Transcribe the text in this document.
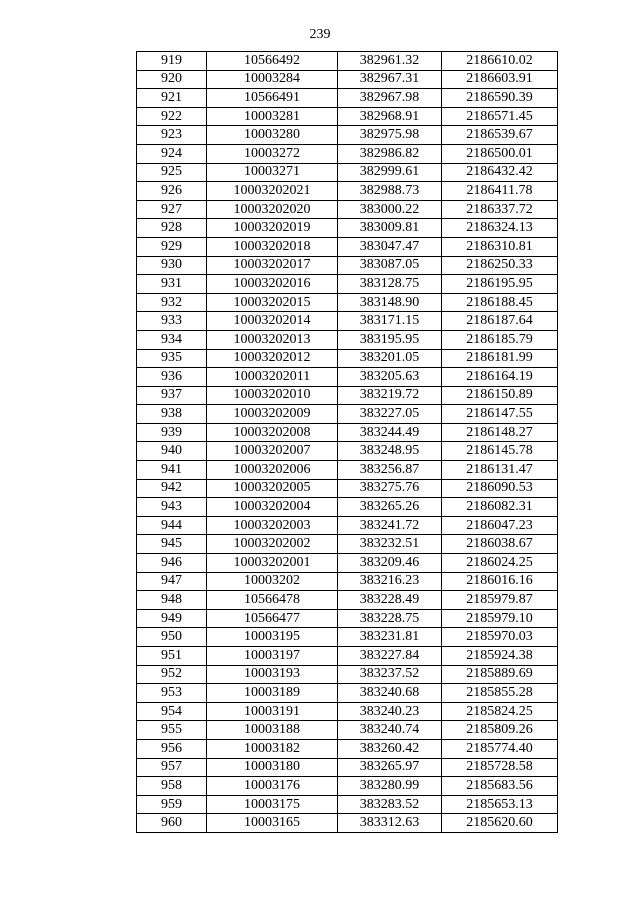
239
919	10566492	382961.32	2186610.02
920	10003284	382967.31	2186603.91
921	10566491	382967.98	2186590.39
922	10003281	382968.91	2186571.45
923	10003280	382975.98	2186539.67
924	10003272	382986.82	2186500.01
925	10003271	382999.61	2186432.42
926	10003202021	382988.73	2186411.78
927	10003202020	383000.22	2186337.72
928	10003202019	383009.81	2186324.13
929	10003202018	383047.47	2186310.81
930	10003202017	383087.05	2186250.33
931	10003202016	383128.75	2186195.95
932	10003202015	383148.90	2186188.45
933	10003202014	383171.15	2186187.64
934	10003202013	383195.95	2186185.79
935	10003202012	383201.05	2186181.99
936	10003202011	383205.63	2186164.19
937	10003202010	383219.72	2186150.89
938	10003202009	383227.05	2186147.55
939	10003202008	383244.49	2186148.27
940	10003202007	383248.95	2186145.78
941	10003202006	383256.87	2186131.47
942	10003202005	383275.76	2186090.53
943	10003202004	383265.26	2186082.31
944	10003202003	383241.72	2186047.23
945	10003202002	383232.51	2186038.67
946	10003202001	383209.46	2186024.25
947	10003202	383216.23	2186016.16
948	10566478	383228.49	2185979.87
949	10566477	383228.75	2185979.10
950	10003195	383231.81	2185970.03
951	10003197	383227.84	2185924.38
952	10003193	383237.52	2185889.69
953	10003189	383240.68	2185855.28
954	10003191	383240.23	2185824.25
955	10003188	383240.74	2185809.26
956	10003182	383260.42	2185774.40
957	10003180	383265.97	2185728.58
958	10003176	383280.99	2185683.56
959	10003175	383283.52	2185653.13
960	10003165	383312.63	2185620.60
